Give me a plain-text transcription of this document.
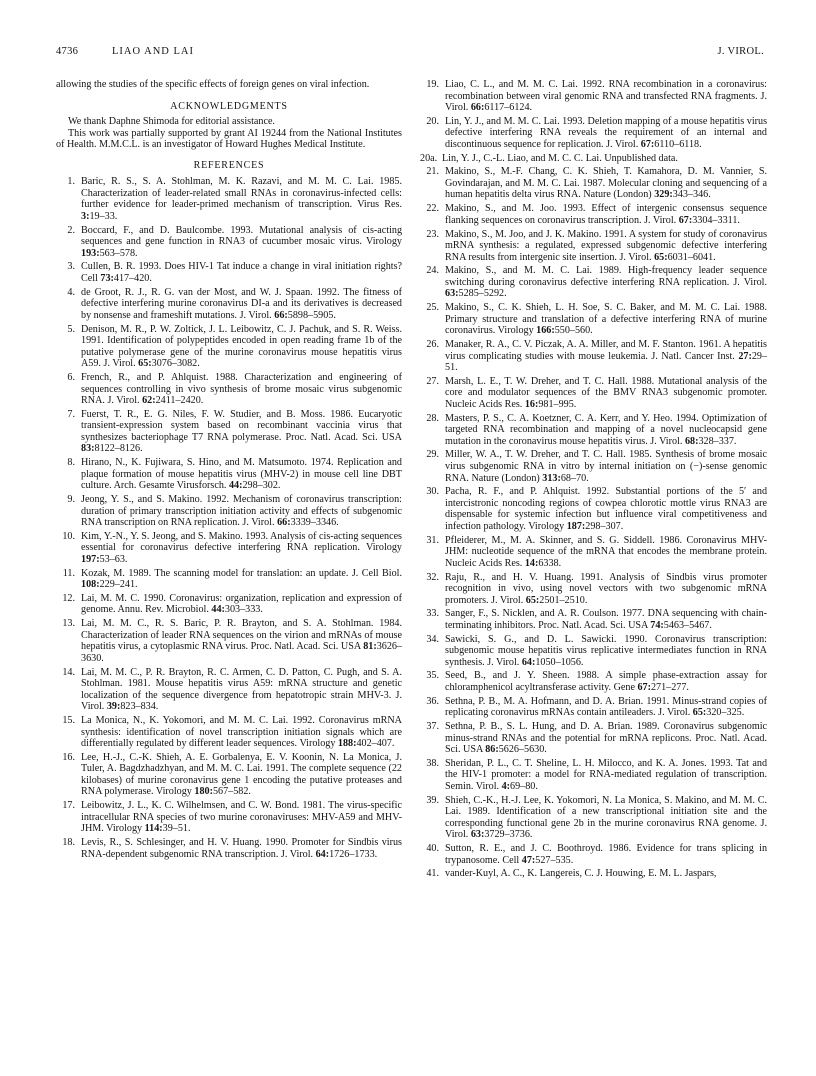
4736	LIAO AND LAI	J. VIROL.

allowing the studies of the specific effects of foreign genes on viral infection.

ACKNOWLEDGMENTS

We thank Daphne Shimoda for editorial assistance.

This work was partially supported by grant AI 19244 from the National Institutes of Health. M.M.C.L. is an investigator of Howard Hughes Medical Institute.

REFERENCES
1. Baric, R. S., S. A. Stohlman, M. K. Razavi, and M. M. C. Lai. 1985. Characterization of leader-related small RNAs in coronavirus-infected cells: further evidence for leader-primed mechanism of transcription. Virus Res. 3:19–33.
2. Boccard, F., and D. Baulcombe. 1993. Mutational analysis of cis-acting sequences and gene function in RNA3 of cucumber mosaic virus. Virology 193:563–578.
3. Cullen, B. R. 1993. Does HIV-1 Tat induce a change in viral initiation rights? Cell 73:417–420.
4. de Groot, R. J., R. G. van der Most, and W. J. Spaan. 1992. The fitness of defective interfering murine coronavirus DI-a and its derivatives is decreased by nonsense and frameshift mutations. J. Virol. 66:5898–5905.
5. Denison, M. R., P. W. Zoltick, J. L. Leibowitz, C. J. Pachuk, and S. R. Weiss. 1991. Identification of polypeptides encoded in open reading frame 1b of the putative polymerase gene of the murine coronavirus mouse hepatitis virus A59. J. Virol. 65:3076–3082.
6. French, R., and P. Ahlquist. 1988. Characterization and engineering of sequences controlling in vivo synthesis of brome mosaic virus subgenomic RNA. J. Virol. 62:2411–2420.
7. Fuerst, T. R., E. G. Niles, F. W. Studier, and B. Moss. 1986. Eucaryotic transient-expression system based on recombinant vaccinia virus that synthesizes bacteriophage T7 RNA polymerase. Proc. Natl. Acad. Sci. USA 83:8122–8126.
8. Hirano, N., K. Fujiwara, S. Hino, and M. Matsumoto. 1974. Replication and plaque formation of mouse hepatitis virus (MHV-2) in mouse cell line DBT culture. Arch. Gesamte Virusforsch. 44:298–302.
9. Jeong, Y. S., and S. Makino. 1992. Mechanism of coronavirus transcription: duration of primary transcription initiation activity and effects of subgenomic RNA transcription on RNA replication. J. Virol. 66:3339–3346.
10. Kim, Y.-N., Y. S. Jeong, and S. Makino. 1993. Analysis of cis-acting sequences essential for coronavirus defective interfering RNA replication. Virology 197:53–63.
11. Kozak, M. 1989. The scanning model for translation: an update. J. Cell Biol. 108:229–241.
12. Lai, M. M. C. 1990. Coronavirus: organization, replication and expression of genome. Annu. Rev. Microbiol. 44:303–333.
13. Lai, M. M. C., R. S. Baric, P. R. Brayton, and S. A. Stohlman. 1984. Characterization of leader RNA sequences on the virion and mRNAs of mouse hepatitis virus, a cytoplasmic RNA virus. Proc. Natl. Acad. Sci. USA 81:3626–3630.
14. Lai, M. M. C., P. R. Brayton, R. C. Armen, C. D. Patton, C. Pugh, and S. A. Stohlman. 1981. Mouse hepatitis virus A59: mRNA structure and genetic localization of the sequence divergence from hepatotropic strain MHV-3. J. Virol. 39:823–834.
15. La Monica, N., K. Yokomori, and M. M. C. Lai. 1992. Coronavirus mRNA synthesis: identification of novel transcription initiation signals which are differentially regulated by different leader sequences. Virology 188:402–407.
16. Lee, H.-J., C.-K. Shieh, A. E. Gorbalenya, E. V. Koonin, N. La Monica, J. Tuler, A. Bagdzhadzhyan, and M. M. C. Lai. 1991. The complete sequence (22 kilobases) of murine coronavirus gene 1 encoding the putative proteases and RNA polymerase. Virology 180:567–582.
17. Leibowitz, J. L., K. C. Wilhelmsen, and C. W. Bond. 1981. The virus-specific intracellular RNA species of two murine coronaviruses: MHV-A59 and MHV-JHM. Virology 114:39–51.
18. Levis, R., S. Schlesinger, and H. V. Huang. 1990. Promoter for Sindbis virus RNA-dependent subgenomic RNA transcription. J. Virol. 64:1726–1733.
19. Liao, C. L., and M. M. C. Lai. 1992. RNA recombination in a coronavirus: recombination between viral genomic RNA and transfected RNA fragments. J. Virol. 66:6117–6124.
20. Lin, Y. J., and M. M. C. Lai. 1993. Deletion mapping of a mouse hepatitis virus defective interfering RNA reveals the requirement of an internal and discontinuous sequence for replication. J. Virol. 67:6110–6118.
20a. Lin, Y. J., C.-L. Liao, and M. C. C. Lai. Unpublished data.
21. Makino, S., M.-F. Chang, C. K. Shieh, T. Kamahora, D. M. Vannier, S. Govindarajan, and M. M. C. Lai. 1987. Molecular cloning and sequencing of a human hepatitis delta virus RNA. Nature (London) 329:343–346.
22. Makino, S., and M. Joo. 1993. Effect of intergenic consensus sequence flanking sequences on coronavirus transcription. J. Virol. 67:3304–3311.
23. Makino, S., M. Joo, and J. K. Makino. 1991. A system for study of coronavirus mRNA synthesis: a regulated, expressed subgenomic defective interfering RNA results from intergenic site insertion. J. Virol. 65:6031–6041.
24. Makino, S., and M. M. C. Lai. 1989. High-frequency leader sequence switching during coronavirus defective interfering RNA replication. J. Virol. 63:5285–5292.
25. Makino, S., C. K. Shieh, L. H. Soe, S. C. Baker, and M. M. C. Lai. 1988. Primary structure and translation of a defective interfering RNA of murine coronavirus. Virology 166:550–560.
26. Manaker, R. A., C. V. Piczak, A. A. Miller, and M. F. Stanton. 1961. A hepatitis virus complicating studies with mouse leukemia. J. Natl. Cancer Inst. 27:29–51.
27. Marsh, L. E., T. W. Dreher, and T. C. Hall. 1988. Mutational analysis of the core and modulator sequences of the BMV RNA3 subgenomic promoter. Nucleic Acids Res. 16:981–995.
28. Masters, P. S., C. A. Koetzner, C. A. Kerr, and Y. Heo. 1994. Optimization of targeted RNA recombination and mapping of a novel nucleocapsid gene mutation in the coronavirus mouse hepatitis virus. J. Virol. 68:328–337.
29. Miller, W. A., T. W. Dreher, and T. C. Hall. 1985. Synthesis of brome mosaic virus subgenomic RNA in vitro by internal initiation on (−)-sense genomic RNA. Nature (London) 313:68–70.
30. Pacha, R. F., and P. Ahlquist. 1992. Substantial portions of the 5′ and intercistronic noncoding regions of cowpea chlorotic mottle virus RNA3 are dispensable for systemic infection but influence viral competitiveness and infection pathology. Virology 187:298–307.
31. Pfleiderer, M., M. A. Skinner, and S. G. Siddell. 1986. Coronavirus MHV-JHM: nucleotide sequence of the mRNA that encodes the membrane protein. Nucleic Acids Res. 14:6338.
32. Raju, R., and H. V. Huang. 1991. Analysis of Sindbis virus promoter recognition in vivo, using novel vectors with two subgenomic mRNA promoters. J. Virol. 65:2501–2510.
33. Sanger, F., S. Nicklen, and A. R. Coulson. 1977. DNA sequencing with chain-terminating inhibitors. Proc. Natl. Acad. Sci. USA 74:5463–5467.
34. Sawicki, S. G., and D. L. Sawicki. 1990. Coronavirus transcription: subgenomic mouse hepatitis virus replicative intermediates function in RNA synthesis. J. Virol. 64:1050–1056.
35. Seed, B., and J. Y. Sheen. 1988. A simple phase-extraction assay for chloramphenicol acyltransferase activity. Gene 67:271–277.
36. Sethna, P. B., M. A. Hofmann, and D. A. Brian. 1991. Minus-strand copies of replicating coronavirus mRNAs contain antileaders. J. Virol. 65:320–325.
37. Sethna, P. B., S. L. Hung, and D. A. Brian. 1989. Coronavirus subgenomic minus-strand RNAs and the potential for mRNA replicons. Proc. Natl. Acad. Sci. USA 86:5626–5630.
38. Sheridan, P. L., C. T. Sheline, L. H. Milocco, and K. A. Jones. 1993. Tat and the HIV-1 promoter: a model for RNA-mediated regulation of transcription. Semin. Virol. 4:69–80.
39. Shieh, C.-K., H.-J. Lee, K. Yokomori, N. La Monica, S. Makino, and M. M. C. Lai. 1989. Identification of a new transcriptional initiation site and the corresponding functional gene 2b in the murine coronavirus RNA genome. J. Virol. 63:3729–3736.
40. Sutton, R. E., and J. C. Boothroyd. 1986. Evidence for trans splicing in trypanosome. Cell 47:527–535.
41. vander-Kuyl, A. C., K. Langereis, C. J. Houwing, E. M. L. Jaspars,
